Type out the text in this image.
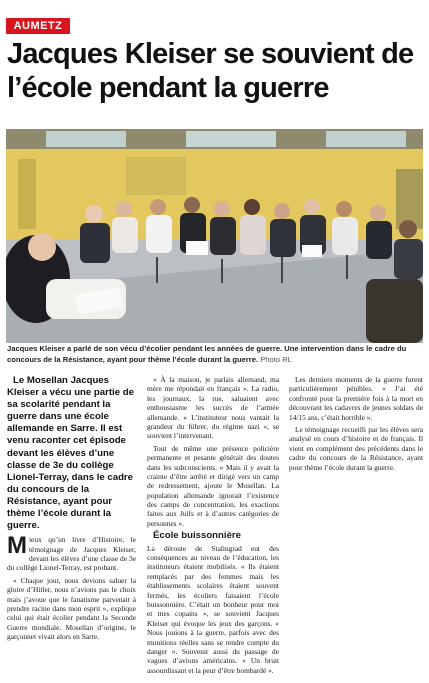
AUMETZ
Jacques Kleiser se souvient de l’école pendant la guerre

Jacques Kleiser a parlé de son vécu d’écolier pendant les années de guerre. Une intervention dans le cadre du concours de la Résistance, ayant pour thème l’école durant la guerre. Photo RL

Le Mosellan Jacques Kleiser a vécu une partie de sa scolarité pendant la guerre dans une école allemande en Sarre. Il est venu raconter cet épisode devant les élèves d’une classe de 3e du collège Lionel-Terray, dans le cadre du concours de la Résistance, ayant pour thème l’école durant la guerre.

Mieux qu’un livre d’Histoire, le témoignage de Jacques Kleiser, devant les élèves d’une classe de 3e du collège Lionel-Terray, est probant.

« Chaque jour, nous devions saluer la gloire d’Hitler, nous n’avions pas le choix mais j’avoue que le fanatisme parvenait à prendre racine dans mon esprit », explique celui qui était écolier pendant la Seconde Guerre mondiale. Mosellan d’origine, le garçonnet vivait alors en Sarre.

« À la maison, je parlais allemand, ma mère me répondait en français ». La radio, les journaux, la rue, saluaient avec enthousiasme les succès de l’armée allemande. « L’instituteur nous vantait la grandeur du führer, du régime nazi », se souvient l’intervenant.

Tout de même une présence policière permanente et pesante générait des doutes dans les subconscients. « Mais il y avait la crainte d’être arrêté et dirigé vers un camp de redressement, ajoute le Mosellan. La population allemande ignorait l’existence des camps de concentration, les exactions faites aux Juifs et à d’autres catégories de personnes ».

École buissonnière

La déroute de Stalingrad eut des conséquences au niveau de l’éducation, les instituteurs étaient mobilisés. « Ils étaient remplacés par des femmes mais les établissements scolaires étaient souvent fermés, les écoliers faisaient l’école buissonnière. C’était un bonheur pour moi et mes copains », se souvient Jacques Kleiser qui évoque les jeux des garçons. « Nous jouions à la guerre, parfois avec des munitions réelles sans se rendre compte du danger ». Souvenir aussi du passage de vagues d’avions américains. « Un bruit assourdissant et la peur d’être bombardé ».

Les derniers moments de la guerre furent particulièrement pénibles. « J’ai été confronté pour la première fois à la mort en découvrant les cadavres de jeunes soldats de 14/15 ans, c’était horrible ».

Le témoignage recueilli par les élèves sera analysé en cours d’histoire et de français. Il vient en complément des précédents dans le cadre du concours de la Résistance, ayant pour thème l’école durant la guerre.
